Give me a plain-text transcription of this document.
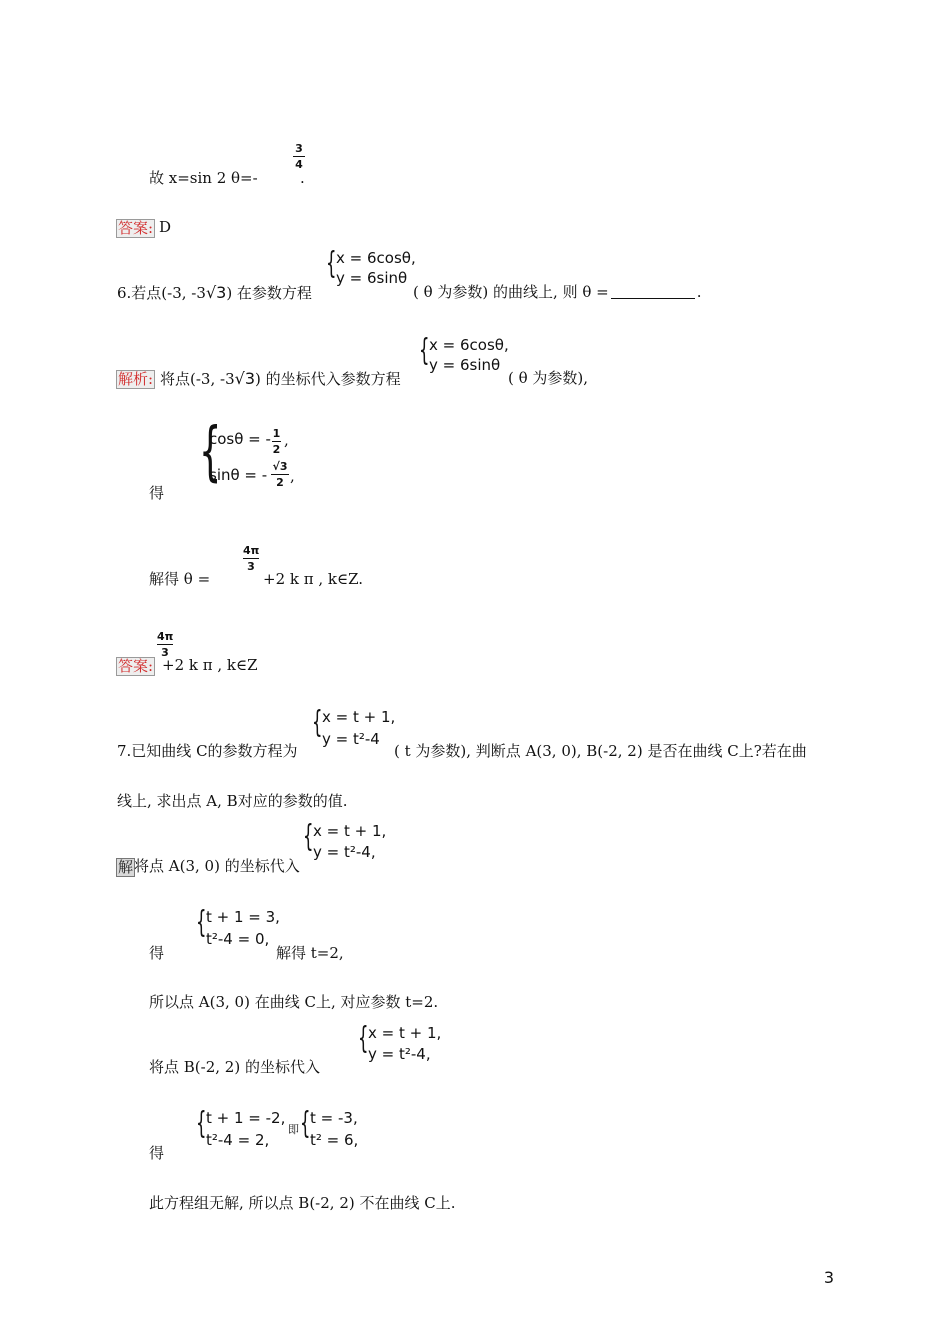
故 x=sin 2 θ=-
3
4
.
答案: D
6.若点(-3, -3√3) 在参数方程
{ x = 6cosθ,
y = 6sinθ
( θ 为参数) 的曲线上, 则 θ =	.
解析: 将点(-3, -3√3) 的坐标代入参数方程
{ x = 6cosθ,
y = 6sinθ
( θ 为参数),
得
{
cosθ = -
sinθ = -
1
2
,
√3
2 ,
解得 θ =
4π
3
+2 k π , k∈Z.
答案:
4π
3
+2 k π , k∈Z
7.已知曲线 C的参数方程为
{ x = t + 1,
y = t²-4
( t 为参数), 判断点 A(3, 0), B(-2, 2) 是否在曲线 C上?若在曲
线上, 求出点 A, B对应的参数的值.
解 将点 A(3, 0) 的坐标代入
{ x = t + 1,
y = t²-4,
得
{ t + 1 = 3,
t²-4 = 0,
解得 t=2,
所以点 A(3, 0) 在曲线 C上, 对应参数 t=2.
将点 B(-2, 2) 的坐标代入
{ x = t + 1,
y = t²-4,
得
{ t + 1 = -2,
t²-4 = 2,
即 { t = -3,
t² = 6,
此方程组无解, 所以点 B(-2, 2) 不在曲线 C上.
3
